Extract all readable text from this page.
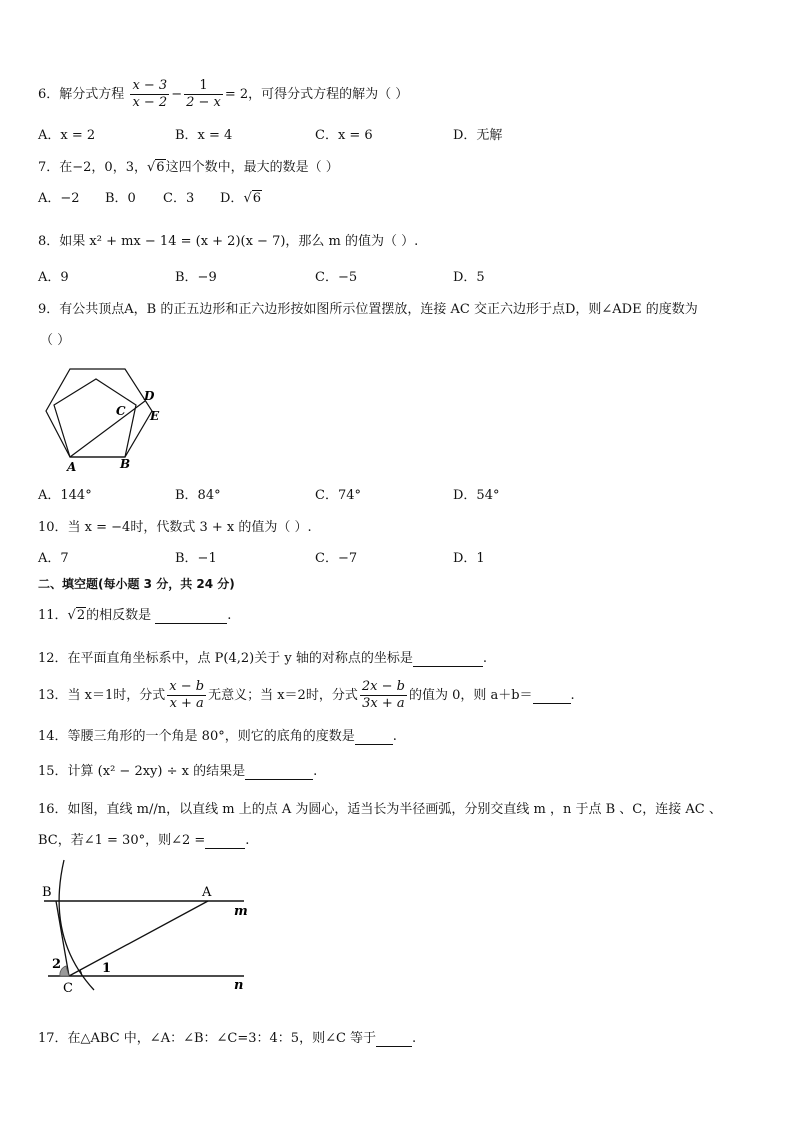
6．解分式方程 $\frac{x - 3}{x - 2} - \frac{1}{2 - x} = 2$，可得分式方程的解为（ ）
A．x = 2	B．x = 4	C．x = 6	D．无解
7．在−2，0，3，√6这四个数中，最大的数是（ ）
A．−2 B．0 C．3 D．√6
8．如果 x² + mx − 14 = (x + 2)(x − 7)，那么 m 的值为（ ）.
A．9	B．−9	C．−5	D．5
9．有公共顶点A，B 的正五边形和正六边形按如图所示位置摆放，连接 AC 交正六边形于点D，则∠ADE 的度数为
（ ）
A	B
C
D
E
A．144°	B．84°	C．74°	D．54°
10．当 x = −4时，代数式 3 + x 的值为（ ）.
A．7	B．−1	C．−7	D．1
二、填空题(每小题 3 分，共 24 分)
11．√2的相反数是	.
12．在平面直角坐标系中，点 P(4,2)关于 y 轴的对称点的坐标是	.
13．当 x＝1时，分式 $\frac{x - b}{x + a}$ 无意义；当 x＝2时，分式 $\frac{2x - b}{3x + a}$ 的值为 0，则 a＋b＝	.
14．等腰三角形的一个角是 80°，则它的底角的度数是	.
15．计算 (x² − 2xy) ÷ x 的结果是	.
16．如图，直线 m//n，以直线 m 上的点 A 为圆心，适当长为半径画弧，分别交直线 m ，n 于点 B 、C，连接 AC 、
BC，若∠1 = 30°，则∠2 =	.
B	A
C
m
n
1
2
17．在△ABC 中，∠A：∠B：∠C=3：4：5，则∠C 等于	.
